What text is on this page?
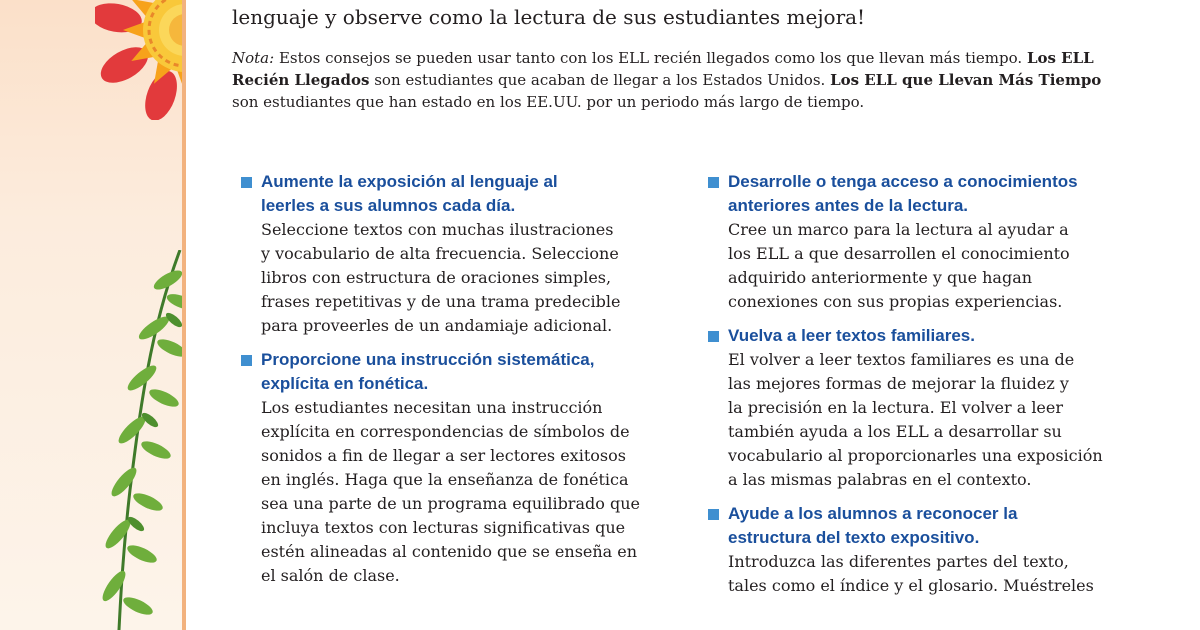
lenguaje y observe como la lectura de sus estudiantes mejora!

Nota: Estos consejos se pueden usar tanto con los ELL recién llegados como los que llevan más tiempo. Los ELL Recién Llegados son estudiantes que acaban de llegar a los Estados Unidos. Los ELL que Llevan Más Tiempo son estudiantes que han estado en los EE.UU. por un periodo más largo de tiempo.

Aumente la exposición al lenguaje al
leerles a sus alumnos cada día.
Seleccione textos con muchas ilustraciones
y vocabulario de alta frecuencia. Seleccione
libros con estructura de oraciones simples,
frases repetitivas y de una trama predecible
para proveerles de un andamiaje adicional.
Proporcione una instrucción sistemática,
explícita en fonética.
Los estudiantes necesitan una instrucción
explícita en correspondencias de símbolos de
sonidos a fin de llegar a ser lectores exitosos
en inglés. Haga que la enseñanza de fonética
sea una parte de un programa equilibrado que
incluya textos con lecturas significativas que
estén alineadas al contenido que se enseña en
el salón de clase.
Desarrolle o tenga acceso a conocimientos
anteriores antes de la lectura.
Cree un marco para la lectura al ayudar a
los ELL a que desarrollen el conocimiento
adquirido anteriormente y que hagan
conexiones con sus propias experiencias.
Vuelva a leer textos familiares.
El volver a leer textos familiares es una de
las mejores formas de mejorar la fluidez y
la precisión en la lectura. El volver a leer
también ayuda a los ELL a desarrollar su
vocabulario al proporcionarles una exposición
a las mismas palabras en el contexto.
Ayude a los alumnos a reconocer la
estructura del texto expositivo.
Introduzca las diferentes partes del texto,
tales como el índice y el glosario. Muéstreles
